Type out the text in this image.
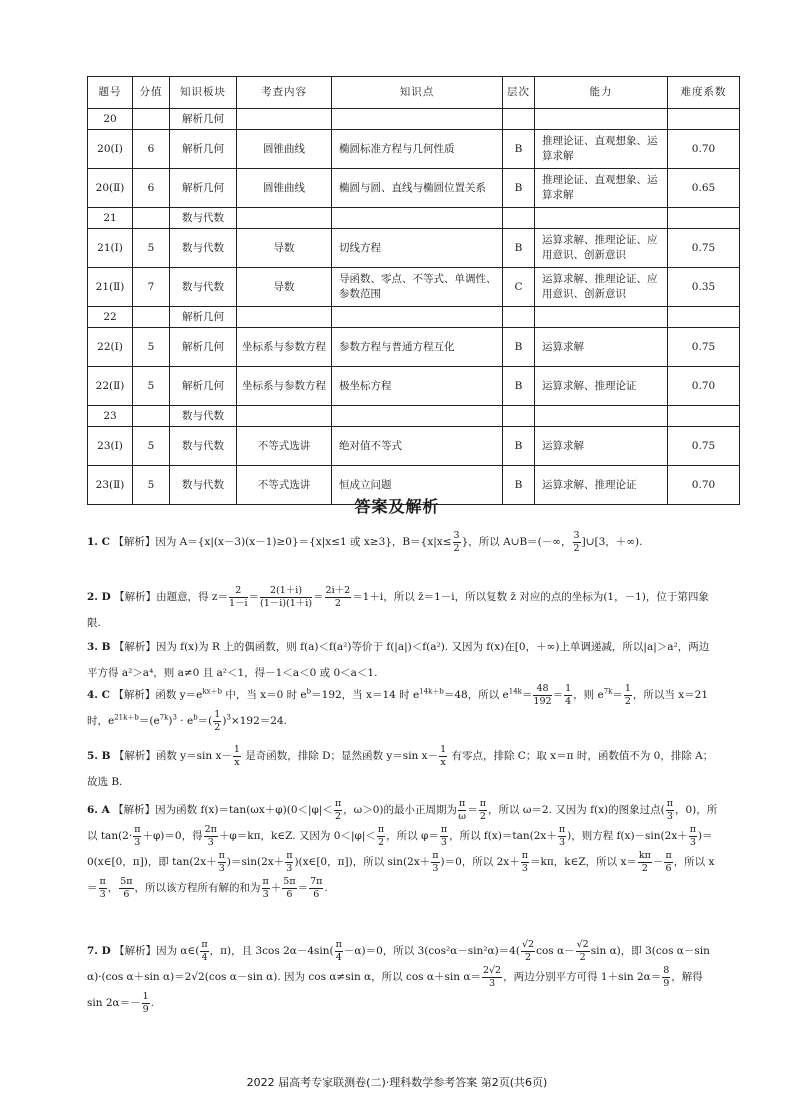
题号	分值	知识板块	考查内容	知识点	层次	能力	难度系数
20		解析几何					
20(Ⅰ)	6	解析几何	圆锥曲线	椭圆标准方程与几何性质	B	推理论证、直观想象、运算求解	0.70
20(Ⅱ)	6	解析几何	圆锥曲线	椭圆与圆、直线与椭圆位置关系	B	推理论证、直观想象、运算求解	0.65
21		数与代数					
21(Ⅰ)	5	数与代数	导数	切线方程	B	运算求解、推理论证、应用意识、创新意识	0.75
21(Ⅱ)	7	数与代数	导数	导函数、零点、不等式、单调性、参数范围	C	运算求解、推理论证、应用意识、创新意识	0.35
22		解析几何					
22(Ⅰ)	5	解析几何	坐标系与参数方程	参数方程与普通方程互化	B	运算求解	0.75
22(Ⅱ)	5	解析几何	坐标系与参数方程	极坐标方程	B	运算求解、推理论证	0.70
23		数与代数					
23(Ⅰ)	5	数与代数	不等式选讲	绝对值不等式	B	运算求解	0.75
23(Ⅱ)	5	数与代数	不等式选讲	恒成立问题	B	运算求解、推理论证	0.70
答案及解析

1. C 【解析】因为 A＝{x|(x－3)(x－1)≥0}＝{x|x≤1 或 x≥3}，$B=\{x|x\le \frac{3}{2}$ }，所以 A∪B＝(－∞， $\frac{3}{2}$ ]∪[3，＋∞).

2. D 【解析】由题意，得 $z= \frac{2}{1-i} = \frac{2(1+i)}{(1-i)(1+i)} = \frac{2i+2}{2} =1+i$，所以 z̄＝1－i，所以复数 z̄ 对应的点的坐标为(1，－1)，位于第四象限.

3. B 【解析】因为 f(x)为 R 上的偶函数，则 f(a)＜f(a²)等价于 f(|a|)＜f(a²). 又因为 f(x)在[0，＋∞)上单调递减，所以|a|＞a²，两边平方得 a²＞a⁴，则 a≠0 且 a²＜1，得－1＜a＜0 或 0＜a＜1.

4. C 【解析】函数 $y=e^{kx+b}$ 中，当 x＝0 时 $e^b=192$，当 x＝14 时 $e^{14k+b}=48$，所以 $e^{14k}= \frac{48}{192} = \frac{1}{4}$ ，则 $e^{7k}= \frac{1}{2}$ ，所以当 x＝21 时，$e^{21k+b}=(e^{7k})^3 \cdot e^b=( \frac{1}{2} )^3\times 192=24$.

5. B 【解析】函数 y＝sin $x- \frac{1}{x}$ 是奇函数，排除 D；显然函数 y＝sin $x- \frac{1}{x}$ 有零点，排除 C；取 x＝π 时，函数值不为 0，排除 A；故选 B.

6. A 【解析】因为函数 $f(x)=\tan(\omega x+\varphi)(0<|\varphi|< \frac{\pi}{2}$ ，ω＞0)的最小正周期为 $\frac{\pi}{\omega} = \frac{\pi}{2}$ ，所以 ω＝2. 又因为 f(x)的图象过点( $\frac{\pi}{3}$ ，0)，所以 $\tan(2\cdot \frac{\pi}{3} +\varphi)=0$，得 $\frac{2\pi}{3} +\varphi=k\pi$，k∈Z. 又因为 $0<|\varphi|< \frac{\pi}{2}$ ，所以 $\varphi= \frac{\pi}{3}$ ，所以 $f(x)=\tan(2x+ \frac{\pi}{3}$ )，则方程 $f(x)-\sin(2x+ \frac{\pi}{3}$ )＝0(x∈[0，π])，即 $\tan(2x+ \frac{\pi}{3} )=\sin(2x+ \frac{\pi}{3}$ )(x∈[0，π])，所以 $\sin(2x+ \frac{\pi}{3} )=0$，所以 $2x+ \frac{\pi}{3} =k\pi$，k∈Z，所以 $x= \frac{k\pi}{2} - \frac{\pi}{6}$ ，所以 $x= \frac{\pi}{3}$ ， $\frac{5\pi}{6}$ ，所以该方程所有解的和为 $\frac{\pi}{3} + \frac{5\pi}{6} = \frac{7\pi}{6}$ .

7. D 【解析】因为 α∈( $\frac{\pi}{4}$ ，π)，且 3cos $2\alpha-4\sin( \frac{\pi}{4} -\alpha)=0$，所以 $3(\cos^2\alpha-\sin^2\alpha)=4( \frac{√2}{2}$ $\cos \alpha- \frac{√2}{2}$ sin α)，即 3(cos α－sin α)·(cos α＋sin α)＝2√2(cos α－sin α). 因为 cos α≠sin α，所以 cos α＋sin $\alpha= \frac{2√2}{3}$ ，两边分别平方可得 1＋sin $2\alpha= \frac{8}{9}$ ，解得 $\sin 2\alpha=- \frac{1}{9}$ .

2022 届高考专家联测卷(二)·理科数学参考答案 第2页(共6页)
